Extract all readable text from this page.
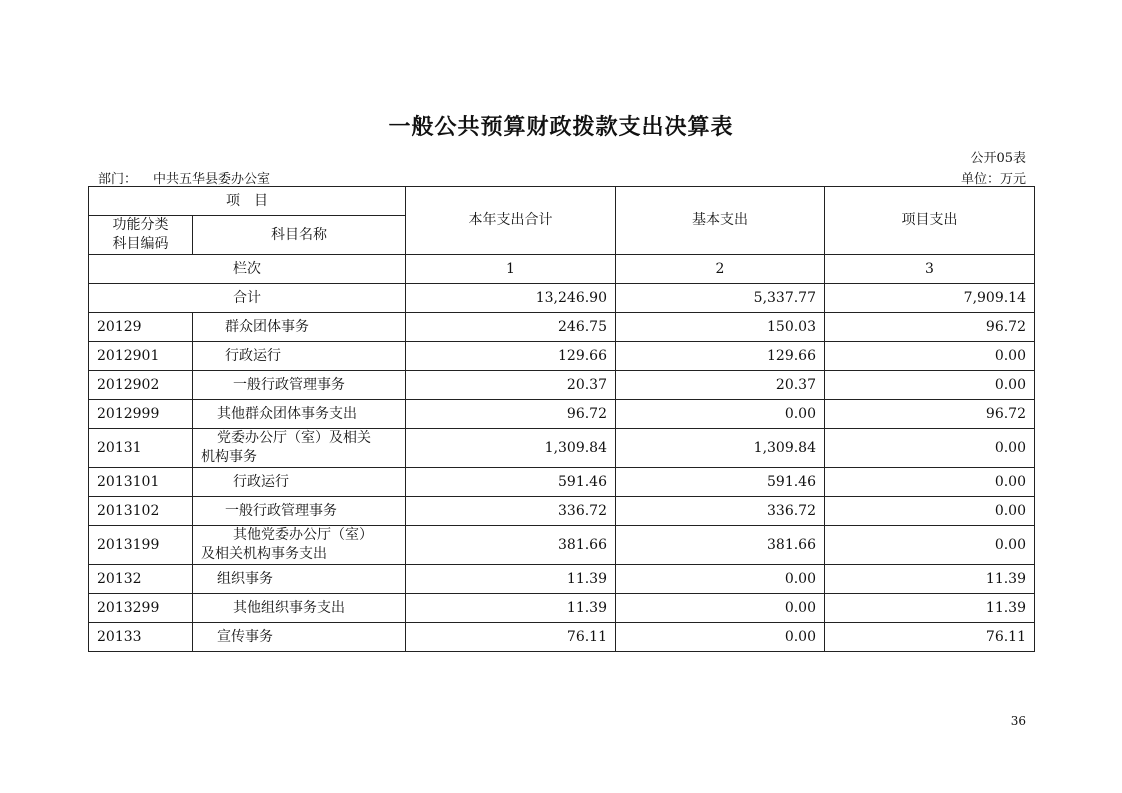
一般公共预算财政拨款支出决算表
公开05表
部门： 中共五华县委办公室	单位：万元
项　目		本年支出合计	基本支出	项目支出

功能分类
科目编码	科目名称			
栏次		1	2	3
合计		13,246.90	5,337.77	7,909.14
20129	群众团体事务	246.75	150.03	96.72
2012901	行政运行	129.66	129.66	0.00
2012902	一般行政管理事务	20.37	20.37	0.00
2012999	其他群众团体事务支出	96.72	0.00	96.72
20131	党委办公厅（室）及相关
机构事务	1,309.84	1,309.84	0.00
2013101	行政运行	591.46	591.46	0.00
2013102	一般行政管理事务	336.72	336.72	0.00
2013199	其他党委办公厅（室）
及相关机构事务支出	381.66	381.66	0.00
20132	组织事务	11.39	0.00	11.39
2013299	其他组织事务支出	11.39	0.00	11.39
20133	宣传事务	76.11	0.00	76.11
36
